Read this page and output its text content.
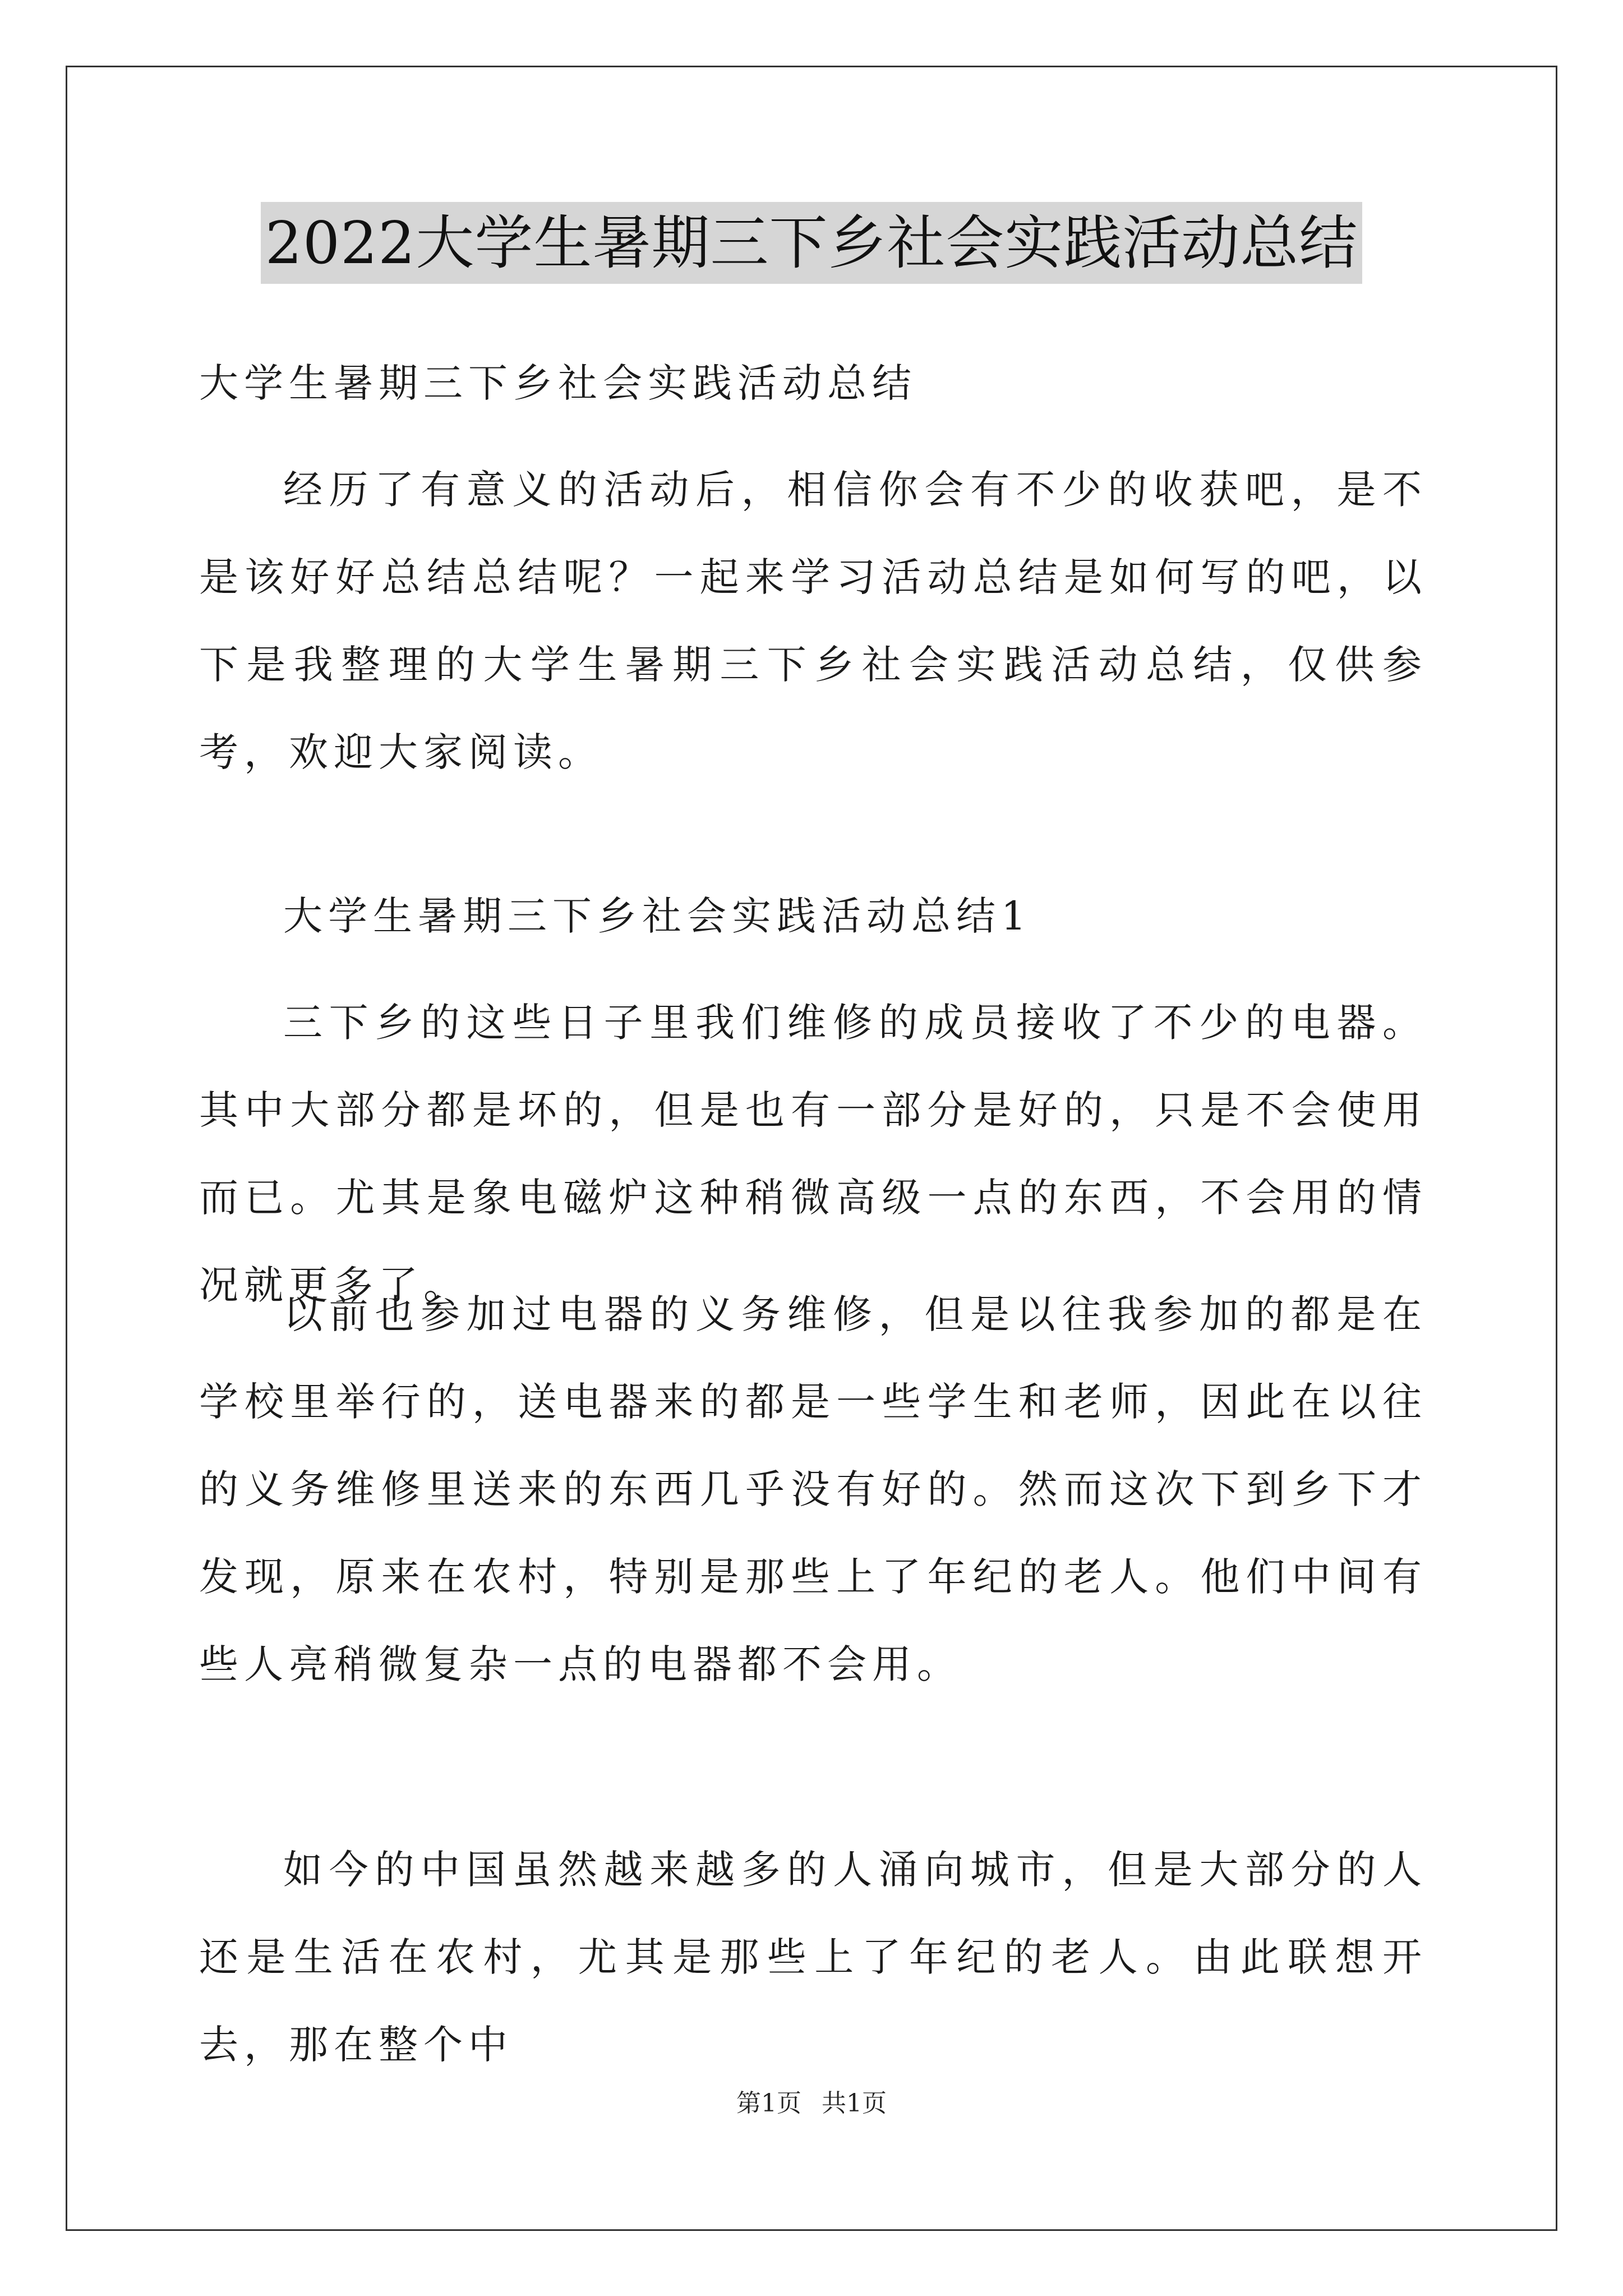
2022大学生暑期三下乡社会实践活动总结

大学生暑期三下乡社会实践活动总结

经历了有意义的活动后，相信你会有不少的收获吧，是不是该好好总结总结呢？一起来学习活动总结是如何写的吧，以下是我整理的大学生暑期三下乡社会实践活动总结，仅供参考，欢迎大家阅读。

大学生暑期三下乡社会实践活动总结1

三下乡的这些日子里我们维修的成员接收了不少的电器。其中大部分都是坏的，但是也有一部分是好的，只是不会使用而已。尤其是象电磁炉这种稍微高级一点的东西，不会用的情况就更多了。

以前也参加过电器的义务维修，但是以往我参加的都是在学校里举行的，送电器来的都是一些学生和老师，因此在以往的义务维修里送来的东西几乎没有好的。然而这次下到乡下才发现，原来在农村，特别是那些上了年纪的老人。他们中间有些人亮稍微复杂一点的电器都不会用。

如今的中国虽然越来越多的人涌向城市，但是大部分的人还是生活在农村，尤其是那些上了年纪的老人。由此联想开去，那在整个中

第1页 共1页
